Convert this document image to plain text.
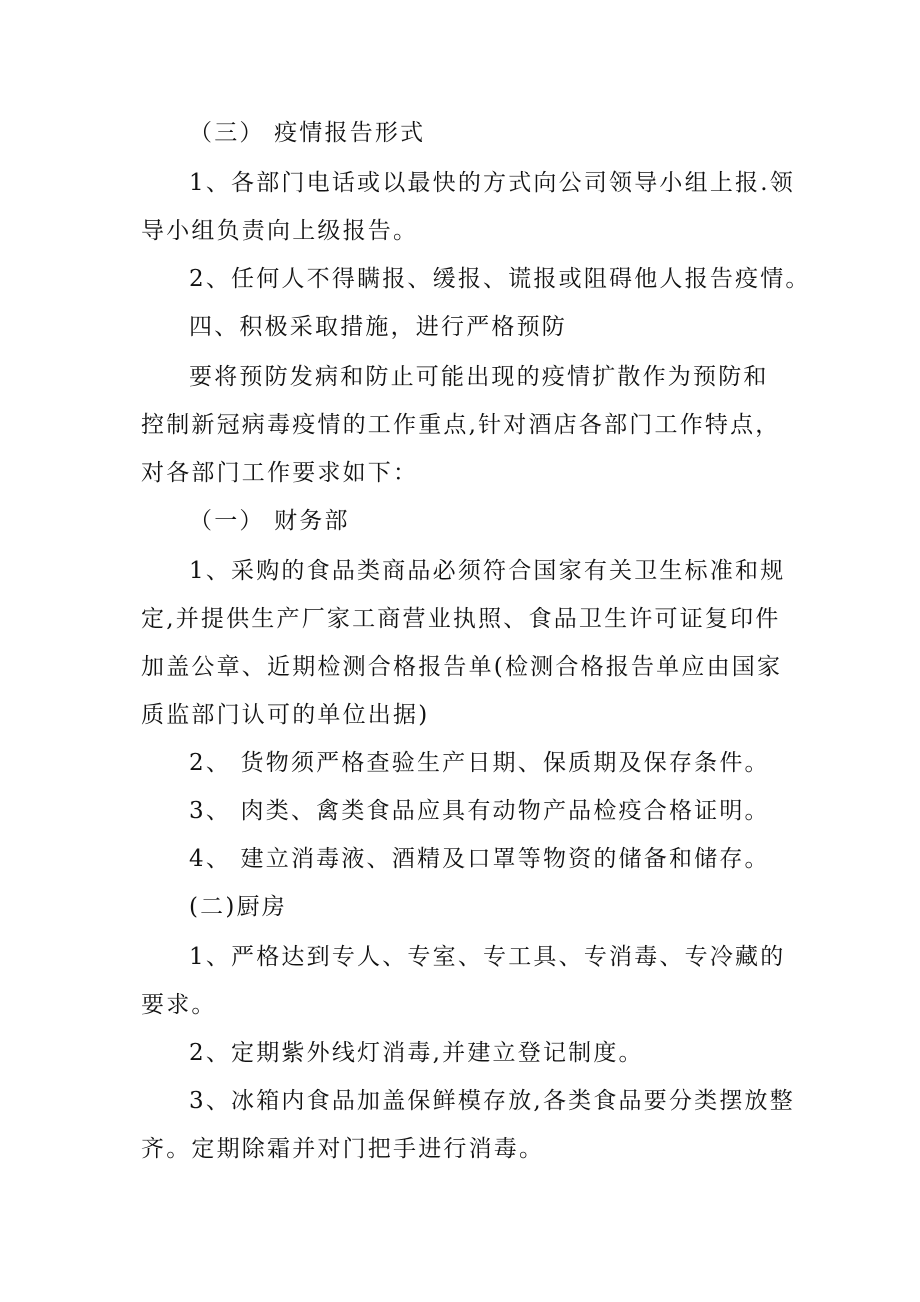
（三） 疫情报告形式
1、各部门电话或以最快的方式向公司领导小组上报.领
导小组负责向上级报告。
2、任何人不得瞒报、缓报、谎报或阻碍他人报告疫情。
四、积极采取措施，进行严格预防
要将预防发病和防止可能出现的疫情扩散作为预防和
控制新冠病毒疫情的工作重点,针对酒店各部门工作特点，
对各部门工作要求如下：
（一） 财务部
1、采购的食品类商品必须符合国家有关卫生标准和规
定,并提供生产厂家工商营业执照、食品卫生许可证复印件
加盖公章、近期检测合格报告单(检测合格报告单应由国家
质监部门认可的单位出据)
2、 货物须严格查验生产日期、保质期及保存条件。
3、 肉类、禽类食品应具有动物产品检疫合格证明。
4、 建立消毒液、酒精及口罩等物资的储备和储存。
(二)厨房
1、严格达到专人、专室、专工具、专消毒、专冷藏的
要求。
2、定期紫外线灯消毒,并建立登记制度。
3、冰箱内食品加盖保鲜模存放,各类食品要分类摆放整
齐。定期除霜并对门把手进行消毒。
